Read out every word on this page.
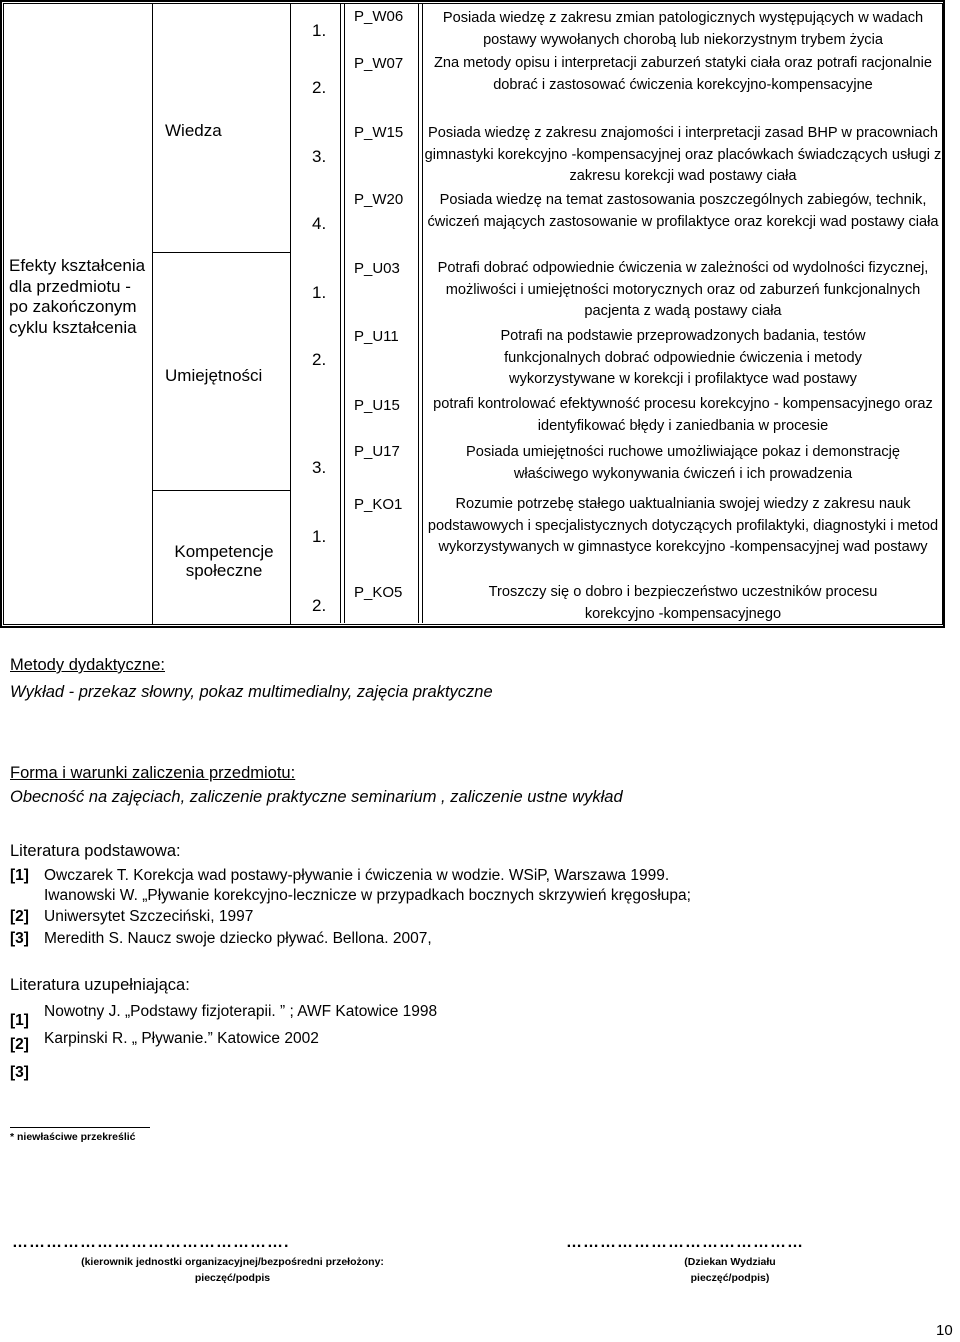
Efekty kształcenia dla przedmiotu - po zakończonym cyklu kształcenia
Wiedza
Umiejętności
Kompetencje społeczne
1.
2.
3.
4.
1.
2.
3.
1.
2.
P_W06
P_W07
P_W15
P_W20
P_U03
P_U11
P_U15
P_U17
P_KO1
P_KO5
Posiada wiedzę z zakresu zmian patologicznych występujących w wadach postawy wywołanych chorobą lub niekorzystnym trybem życia
Zna metody opisu i interpretacji zaburzeń statyki ciała oraz potrafi racjonalnie dobrać i zastosować ćwiczenia korekcyjno-kompensacyjne
Posiada wiedzę z zakresu znajomości i interpretacji zasad BHP w pracowniach gimnastyki korekcyjno -kompensacyjnej oraz placówkach świadczących usługi z zakresu korekcji wad postawy ciała
Posiada wiedzę na temat zastosowania poszczególnych zabiegów, technik, ćwiczeń mających zastosowanie w profilaktyce oraz korekcji wad postawy ciała
Potrafi dobrać odpowiednie ćwiczenia w zależności od wydolności fizycznej, możliwości i umiejętności motorycznych oraz od zaburzeń funkcjonalnych pacjenta z wadą postawy ciała
Potrafi na podstawie przeprowadzonych badania, testów funkcjonalnych dobrać odpowiednie ćwiczenia i metody wykorzystywane w korekcji i profilaktyce wad postawy
potrafi kontrolować efektywność procesu korekcyjno - kompensacyjnego oraz identyfikować błędy i zaniedbania w procesie
Posiada umiejętności ruchowe umożliwiające pokaz i demonstrację właściwego wykonywania ćwiczeń i ich prowadzenia
Rozumie potrzebę stałego uaktualniania swojej wiedzy z zakresu nauk podstawowych i specjalistycznych dotyczących profilaktyki, diagnostyki i metod wykorzystywanych w gimnastyce korekcyjno -kompensacyjnej wad postawy
Troszczy się o dobro i bezpieczeństwo uczestników procesu korekcyjno -kompensacyjnego
Metody dydaktyczne:
Wykład - przekaz słowny, pokaz multimedialny, zajęcia praktyczne
Forma i warunki zaliczenia przedmiotu:
Obecność na zajęciach, zaliczenie praktyczne seminarium , zaliczenie ustne wykład
Literatura podstawowa:
[1] Owczarek T. Korekcja wad postawy-pływanie i ćwiczenia w wodzie. WSiP, Warszawa 1999.
Iwanowski W. „Pływanie korekcyjno-lecznicze w przypadkach bocznych skrzywień kręgosłupa;
[2] Uniwersytet Szczeciński, 1997
[3] Meredith S. Naucz swoje dziecko pływać. Bellona. 2007,
Literatura uzupełniająca:
[1]
Nowotny J. „Podstawy fizjoterapii. ” ; AWF Katowice 1998
[2] Karpinski R. „ Pływanie.” Katowice 2002
[3]
* niewłaściwe przekreślić
………………………………………….
(kierownik jednostki organizacyjnej/bezpośredni przełożony:
pieczęć/podpis
……………………………………
(Dziekan Wydziału
pieczęć/podpis)
10
